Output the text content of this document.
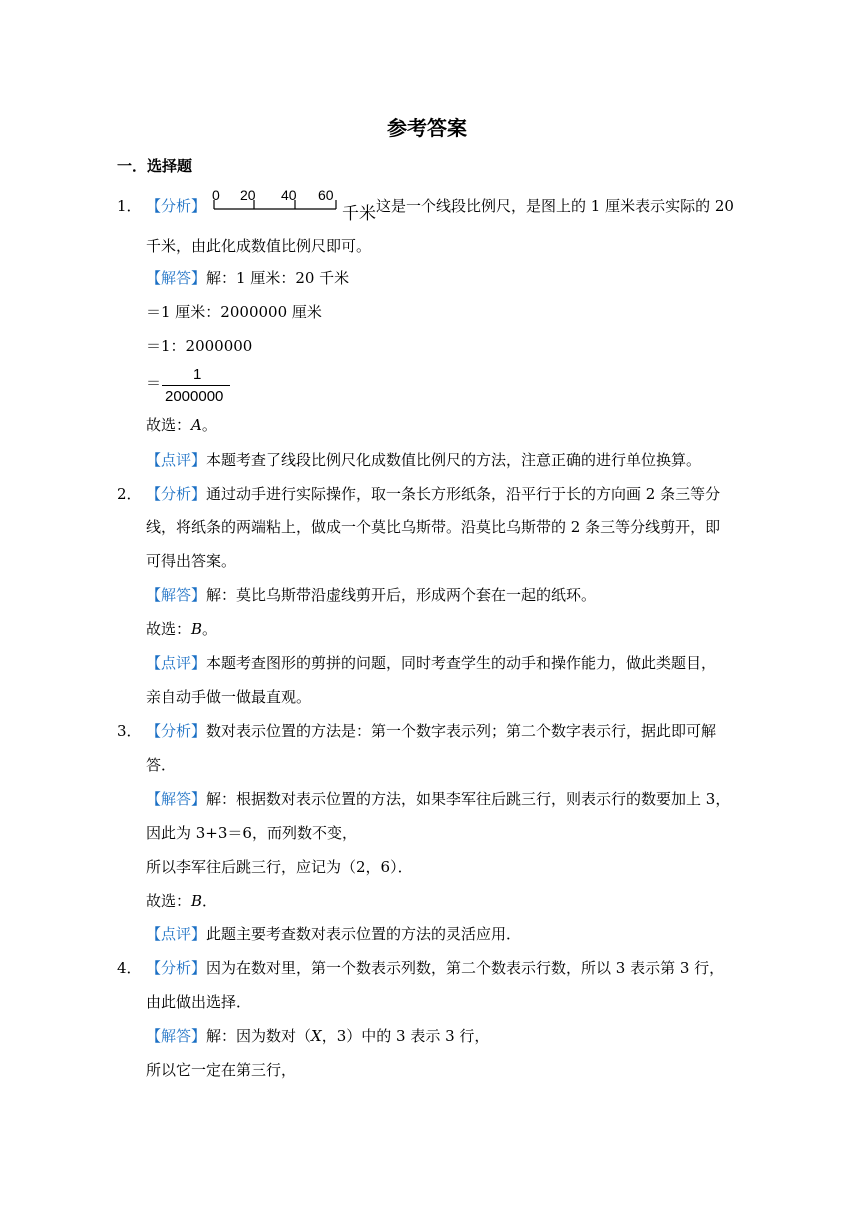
参考答案
一．选择题
1． 【分析】
0 20 40 60
千米 这是一个线段比例尺，是图上的 1 厘米表示实际的 20
千米，由此化成数值比例尺即可。
【解答】解：1 厘米：20 千米
＝1 厘米：2000000 厘米
＝1：2000000
＝ 1
2000000
故选：A。
【点评】本题考查了线段比例尺化成数值比例尺的方法，注意正确的进行单位换算。
2． 【分析】通过动手进行实际操作，取一条长方形纸条，沿平行于长的方向画 2 条三等分
线，将纸条的两端粘上，做成一个莫比乌斯带。沿莫比乌斯带的 2 条三等分线剪开，即
可得出答案。
【解答】解：莫比乌斯带沿虚线剪开后，形成两个套在一起的纸环。
故选：B。
【点评】本题考查图形的剪拼的问题，同时考查学生的动手和操作能力，做此类题目，
亲自动手做一做最直观。
3． 【分析】数对表示位置的方法是：第一个数字表示列；第二个数字表示行，据此即可解
答．
【解答】解：根据数对表示位置的方法，如果李军往后跳三行，则表示行的数要加上 3，
因此为 3+3＝6，而列数不变，
所以李军往后跳三行，应记为（2，6）．
故选：B．
【点评】此题主要考查数对表示位置的方法的灵活应用．
4． 【分析】因为在数对里，第一个数表示列数，第二个数表示行数，所以 3 表示第 3 行，
由此做出选择．
【解答】解：因为数对（X，3）中的 3 表示 3 行，
所以它一定在第三行，
